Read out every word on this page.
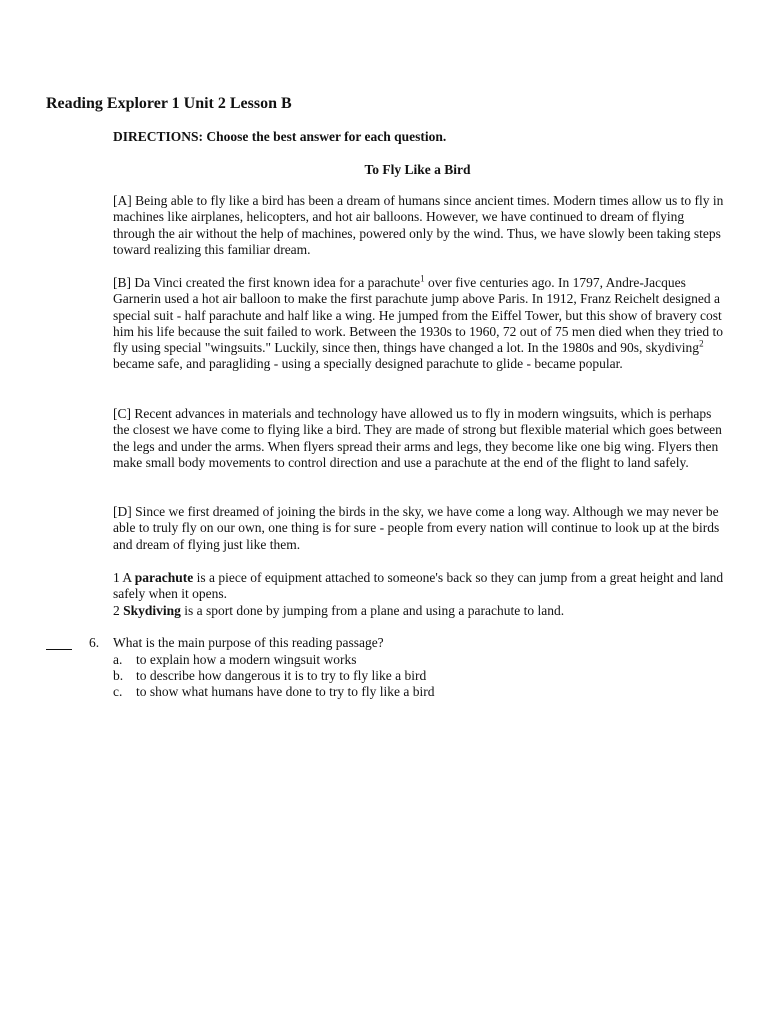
Reading Explorer 1 Unit 2 Lesson B
DIRECTIONS: Choose the best answer for each question.
To Fly Like a Bird

[A] Being able to fly like a bird has been a dream of humans since ancient times. Modern times allow us to fly in machines like airplanes, helicopters, and hot air balloons. However, we have continued to dream of flying through the air without the help of machines, powered only by the wind. Thus, we have slowly been taking steps toward realizing this familiar dream.

[B] Da Vinci created the first known idea for a parachute$^1$ over five centuries ago. In 1797, Andre-Jacques Garnerin used a hot air balloon to make the first parachute jump above Paris. In 1912, Franz Reichelt designed a special suit - half parachute and half like a wing. He jumped from the Eiffel Tower, but this show of bravery cost him his life because the suit failed to work. Between the 1930s to 1960, 72 out of 75 men died when they tried to fly using special "wingsuits." Luckily, since then, things have changed a lot. In the 1980s and 90s, skydiving$^2$ became safe, and paragliding - using a specially designed parachute to glide - became popular.

[C] Recent advances in materials and technology have allowed us to fly in modern wingsuits, which is perhaps the closest we have come to flying like a bird. They are made of strong but flexible material which goes between the legs and under the arms. When flyers spread their arms and legs, they become like one big wing. Flyers then make small body movements to control direction and use a parachute at the end of the flight to land safely.

[D] Since we first dreamed of joining the birds in the sky, we have come a long way. Although we may never be able to truly fly on our own, one thing is for sure - people from every nation will continue to look up at the birds and dream of flying just like them.

1 A parachute is a piece of equipment attached to someone's back so they can jump from a great height and land safely when it opens.

2 Skydiving is a sport done by jumping from a plane and using a parachute to land.

6. What is the main purpose of this reading passage?
a. to explain how a modern wingsuit works
b. to describe how dangerous it is to try to fly like a bird
c. to show what humans have done to try to fly like a bird
